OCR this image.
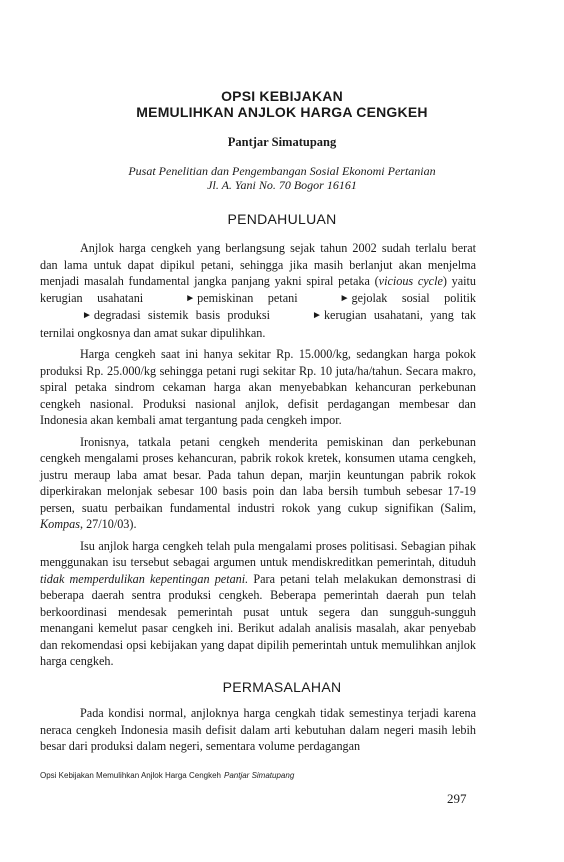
OPSI KEBIJAKAN
MEMULIHKAN ANJLOK HARGA CENGKEH
Pantjar Simatupang
Pusat Penelitian dan Pengembangan Sosial Ekonomi Pertanian
Jl. A. Yani No. 70 Bogor 16161
PENDAHULUAN

Anjlok harga cengkeh yang berlangsung sejak tahun 2002 sudah terlalu berat dan lama untuk dapat dipikul petani, sehingga jika masih berlanjut akan menjelma menjadi masalah fundamental jangka panjang yakni spiral petaka (vicious cycle) yaitu kerugian usahatani	► pemiskinan petani	► gejolak sosial politik► degradasi sistemik basis produksi	► kerugian usahatani, yang tak ternilai ongkosnya dan amat sukar dipulihkan.

Harga cengkeh saat ini hanya sekitar Rp. 15.000/kg, sedangkan harga pokok produksi Rp. 25.000/kg sehingga petani rugi sekitar Rp. 10 juta/ha/tahun. Secara makro, spiral petaka sindrom cekaman harga akan menyebabkan kehancuran perkebunan cengkeh nasional. Produksi nasional anjlok, defisit perdagangan membesar dan Indonesia akan kembali amat tergantung pada cengkeh impor.

Ironisnya, tatkala petani cengkeh menderita pemiskinan dan perkebunan cengkeh mengalami proses kehancuran, pabrik rokok kretek, konsumen utama cengkeh, justru meraup laba amat besar. Pada tahun depan, marjin keuntungan pabrik rokok diperkirakan melonjak sebesar 100 basis poin dan laba bersih tumbuh sebesar 17-19 persen, suatu perbaikan fundamental industri rokok yang cukup signifikan (Salim, Kompas, 27/10/03).

Isu anjlok harga cengkeh telah pula mengalami proses politisasi. Sebagian pihak menggunakan isu tersebut sebagai argumen untuk mendiskreditkan pemerintah, dituduh tidak memperdulikan kepentingan petani. Para petani telah melakukan demonstrasi di beberapa daerah sentra produksi cengkeh. Beberapa pemerintah daerah pun telah berkoordinasi mendesak pemerintah pusat untuk segera dan sungguh-sungguh menangani kemelut pasar cengkeh ini. Berikut adalah analisis masalah, akar penyebab dan rekomendasi opsi kebijakan yang dapat dipilih pemerintah untuk memulihkan anjlok harga cengkeh.

PERMASALAHAN

Pada kondisi normal, anjloknya harga cengkah tidak semestinya terjadi karena neraca cengkeh Indonesia masih defisit dalam arti kebutuhan dalam negeri masih lebih besar dari produksi dalam negeri, sementara volume perdagangan

Opsi Kebijakan Memulihkan Anjlok Harga Cengkeh Pantjar Simatupang
297
